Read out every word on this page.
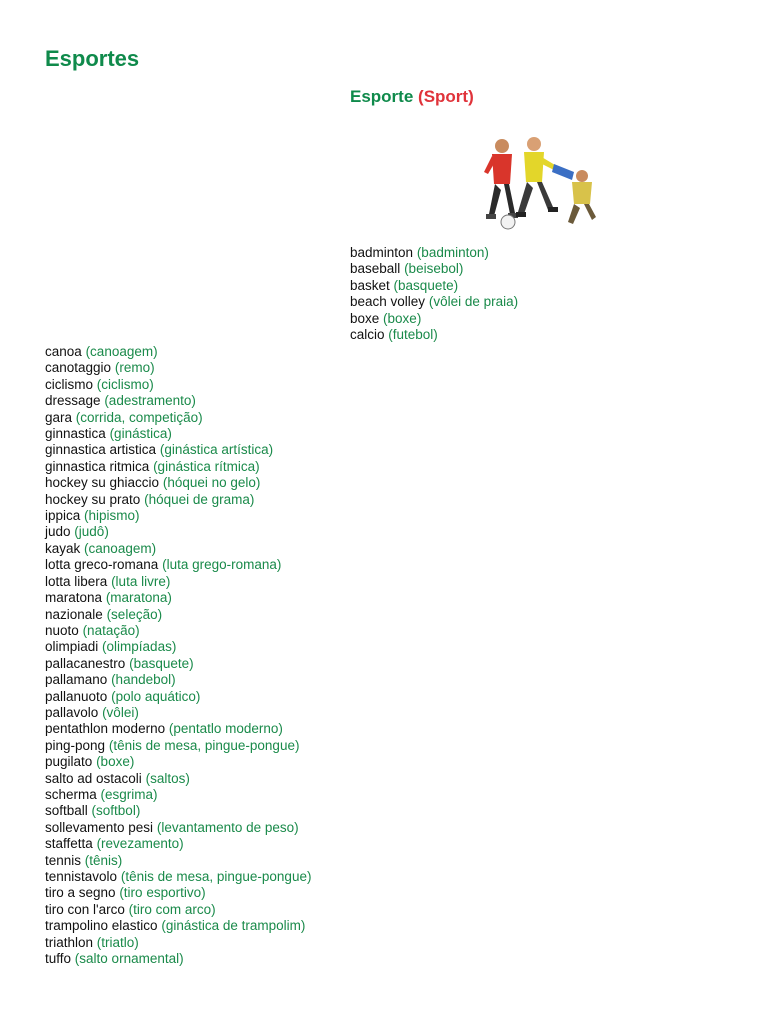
Esportes
Esporte (Sport)
badminton (badminton)
baseball (beisebol)
basket (basquete)
beach volley (vôlei de praia)
boxe (boxe)
calcio (futebol)
canoa (canoagem)
canotaggio (remo)
ciclismo (ciclismo)
dressage (adestramento)
gara (corrida, competição)
ginnastica (ginástica)
ginnastica artistica (ginástica artística)
ginnastica ritmica (ginástica rítmica)
hockey su ghiaccio (hóquei no gelo)
hockey su prato (hóquei de grama)
ippica (hipismo)
judo (judô)
kayak (canoagem)
lotta greco-romana (luta grego-romana)
lotta libera (luta livre)
maratona (maratona)
nazionale (seleção)
nuoto (natação)
olimpiadi (olimpíadas)
pallacanestro (basquete)
pallamano (handebol)
pallanuoto (polo aquático)
pallavolo (vôlei)
pentathlon moderno (pentatlo moderno)
ping-pong (tênis de mesa, pingue-pongue)
pugilato (boxe)
salto ad ostacoli (saltos)
scherma (esgrima)
softball (softbol)
sollevamento pesi (levantamento de peso)
staffetta (revezamento)
tennis (tênis)
tennistavolo (tênis de mesa, pingue-pongue)
tiro a segno (tiro esportivo)
tiro con l'arco (tiro com arco)
trampolino elastico (ginástica de trampolim)
triathlon (triatlo)
tuffo (salto ornamental)
